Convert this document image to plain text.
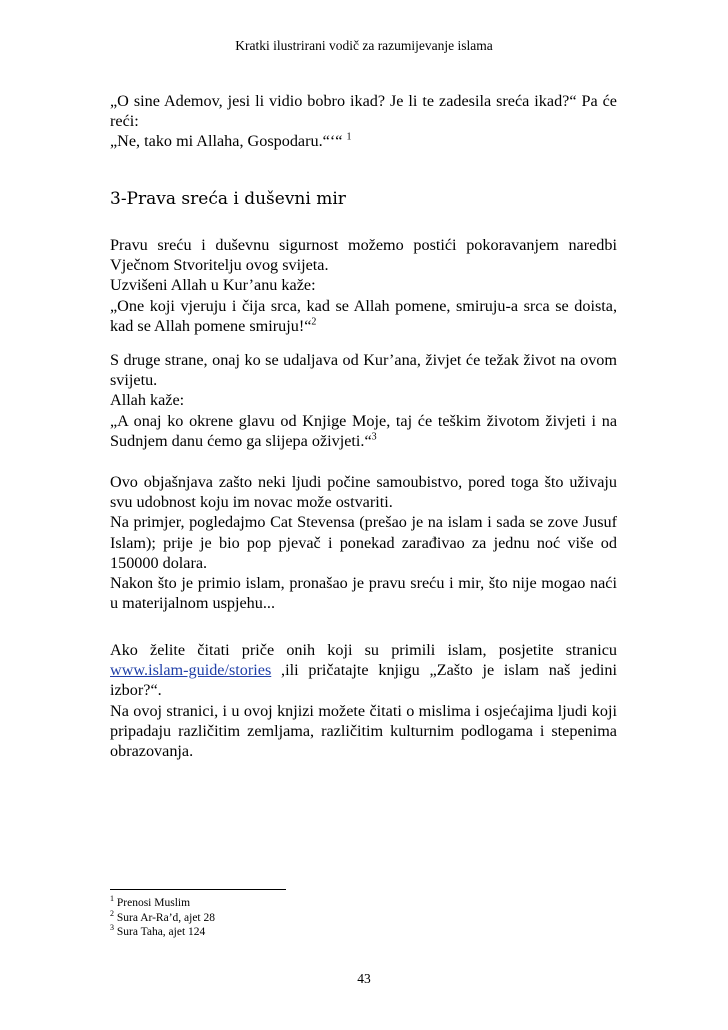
Kratki ilustrirani vodič za razumijevanje islama

„O sine Ademov, jesi li vidio bobro ikad? Je li te zadesila sreća ikad?“ Pa će reći:

„Ne, tako mi Allaha, Gospodaru.“‘“ $^1$

3-Prava sreća i duševni mir

Pravu sreću i duševnu sigurnost možemo postići pokoravanjem naredbi Vječnom Stvoritelju ovog svijeta.

Uzvišeni Allah u Kur’anu kaže:

„One koji vjeruju i čija srca, kad se Allah pomene, smiruju-a srca se doista, kad se Allah pomene smiruju!“$^2$

S druge strane, onaj ko se udaljava od Kur’ana, živjet će težak život na ovom svijetu.

Allah kaže:

„A onaj ko okrene glavu od Knjige Moje, taj će teškim životom živjeti i na Sudnjem danu ćemo ga slijepa oživjeti.“$^3$

Ovo objašnjava zašto neki ljudi počine samoubistvo, pored toga što uživaju svu udobnost koju im novac može ostvariti.

Na primjer, pogledajmo Cat Stevensa (prešao je na islam i sada se zove Jusuf Islam); prije je bio pop pjevač i ponekad zarađivao za jednu noć više od 150000 dolara.

Nakon što je primio islam, pronašao je pravu sreću i mir, što nije mogao naći u materijalnom uspjehu...

Ako želite čitati priče onih koji su primili islam, posjetite stranicu www.islam-guide/stories ,ili pričatajte knjigu „Zašto je islam naš jedini izbor?“.

Na ovoj stranici, i u ovoj knjizi možete čitati o mislima i osjećajima ljudi koji pripadaju različitim zemljama, različitim kulturnim podlogama i stepenima obrazovanja.

$^1$ Prenosi Muslim
$^2$ Sura Ar-Ra’d, ajet 28
$^3$ Sura Taha, ajet 124
43
